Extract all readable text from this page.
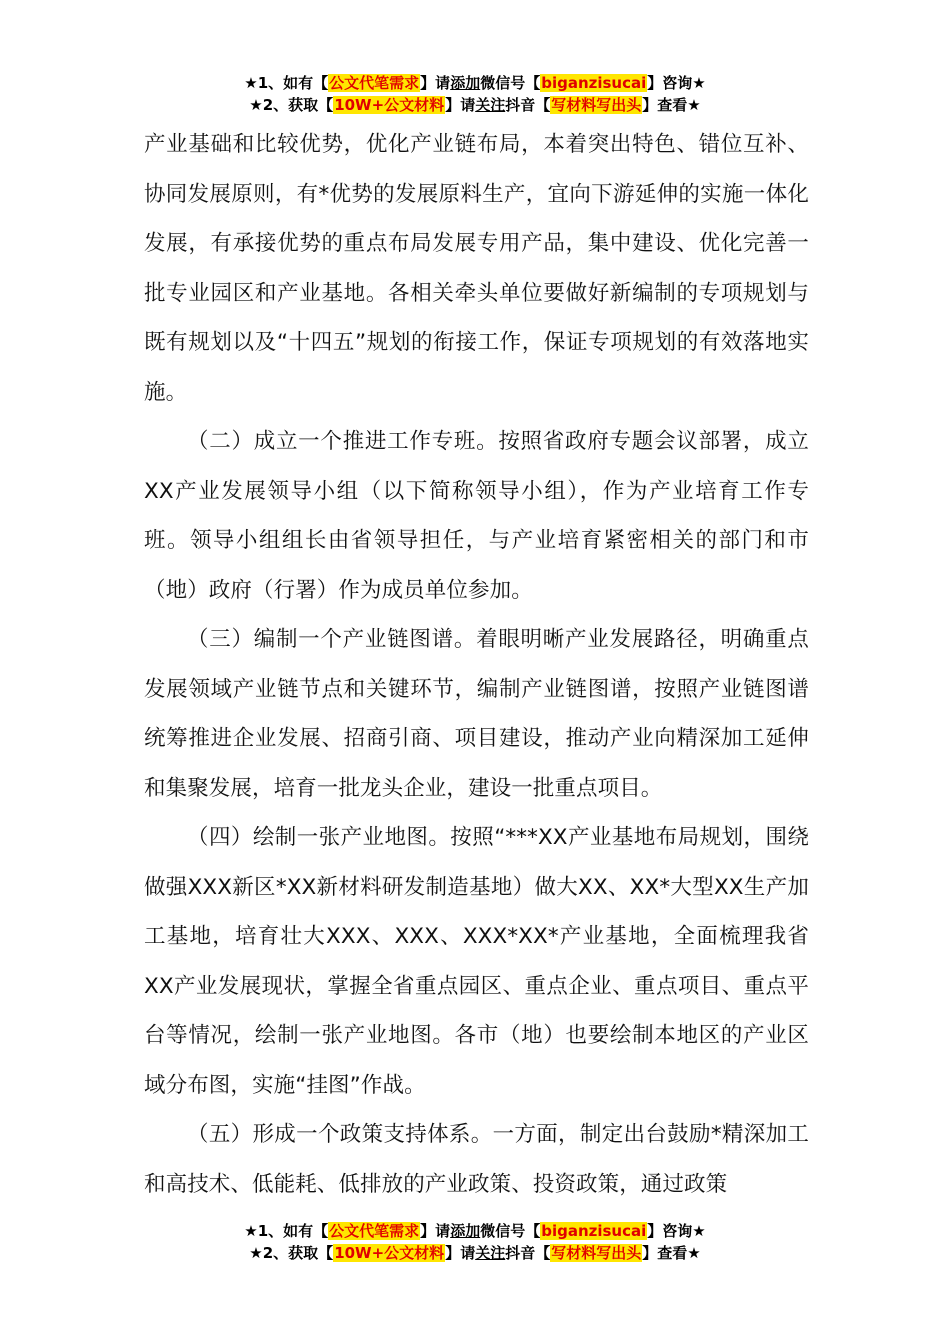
★1、如有【公文代笔需求】请添加微信号【biganzisucai】咨询★
★2、获取【10W+公文材料】请关注抖音【写材料写出头】查看★

产业基础和比较优势，优化产业链布局，本着突出特色、错位互补、协同发展原则，有*优势的发展原料生产，宜向下游延伸的实施一体化发展，有承接优势的重点布局发展专用产品，集中建设、优化完善一批专业园区和产业基地。各相关牵头单位要做好新编制的专项规划与既有规划以及“十四五”规划的衔接工作，保证专项规划的有效落地实施。

（二）成立一个推进工作专班。按照省政府专题会议部署，成立XX产业发展领导小组（以下简称领导小组），作为产业培育工作专班。领导小组组长由省领导担任，与产业培育紧密相关的部门和市（地）政府（行署）作为成员单位参加。

（三）编制一个产业链图谱。着眼明晰产业发展路径，明确重点发展领域产业链节点和关键环节，编制产业链图谱，按照产业链图谱统筹推进企业发展、招商引商、项目建设，推动产业向精深加工延伸和集聚发展，培育一批龙头企业，建设一批重点项目。

（四）绘制一张产业地图。按照“***XX产业基地布局规划，围绕做强XXX新区*XX新材料研发制造基地）做大XX、XX*大型XX生产加工基地，培育壮大XXX、XXX、XXX*XX*产业基地，全面梳理我省XX产业发展现状，掌握全省重点园区、重点企业、重点项目、重点平台等情况，绘制一张产业地图。各市（地）也要绘制本地区的产业区域分布图，实施“挂图”作战。

（五）形成一个政策支持体系。一方面，制定出台鼓励*精深加工和高技术、低能耗、低排放的产业政策、投资政策，通过政策

★1、如有【公文代笔需求】请添加微信号【biganzisucai】咨询★
★2、获取【10W+公文材料】请关注抖音【写材料写出头】查看★
